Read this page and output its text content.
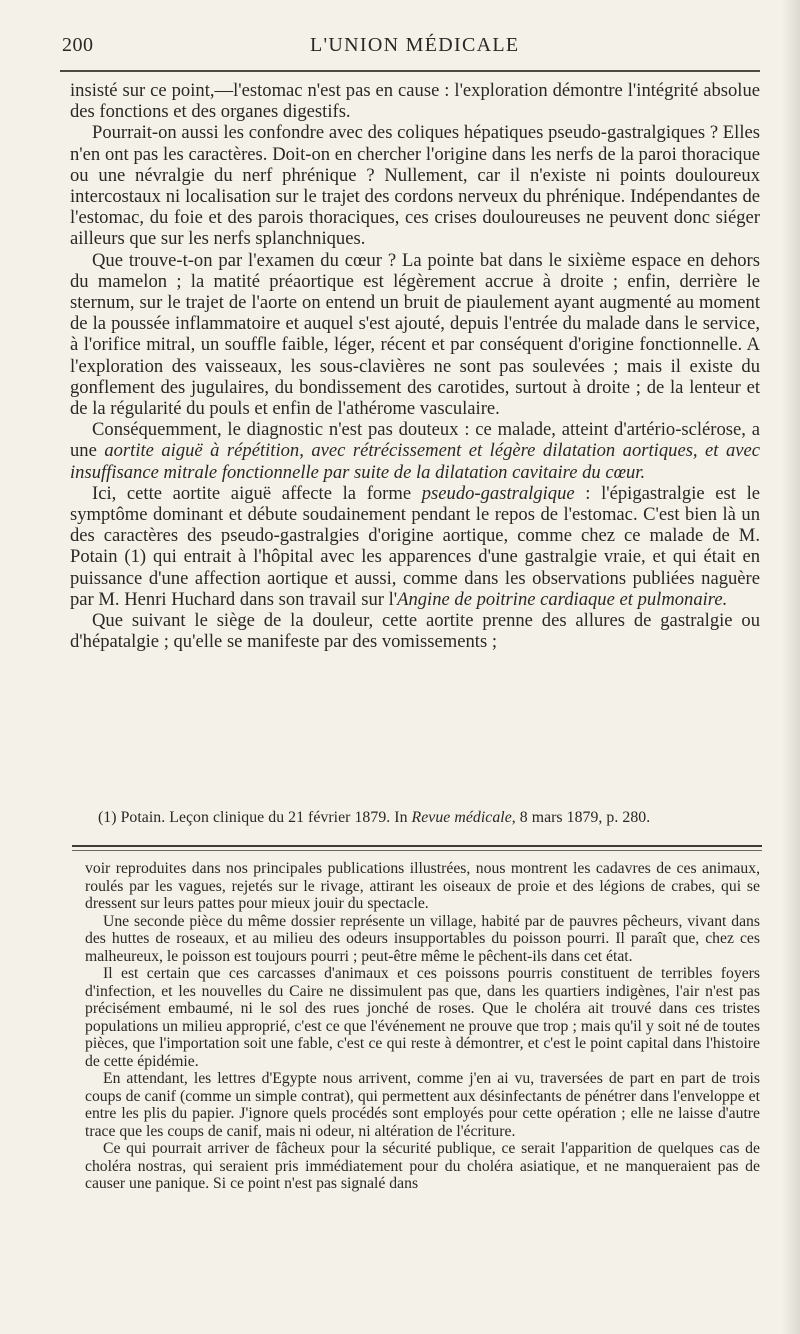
200	L'UNION MÉDICALE

insisté sur ce point,—l'estomac n'est pas en cause : l'exploration démontre l'intégrité absolue des fonctions et des organes digestifs.

Pourrait-on aussi les confondre avec des coliques hépatiques pseudo-gastralgiques ? Elles n'en ont pas les caractères. Doit-on en chercher l'origine dans les nerfs de la paroi thoracique ou une névralgie du nerf phrénique ? Nullement, car il n'existe ni points douloureux intercostaux ni localisation sur le trajet des cordons nerveux du phrénique. Indépendantes de l'estomac, du foie et des parois thoraciques, ces crises douloureuses ne peuvent donc siéger ailleurs que sur les nerfs splanchniques.

Que trouve-t-on par l'examen du cœur ? La pointe bat dans le sixième espace en dehors du mamelon ; la matité préaortique est légèrement accrue à droite ; enfin, derrière le sternum, sur le trajet de l'aorte on entend un bruit de piaulement ayant augmenté au moment de la poussée inflammatoire et auquel s'est ajouté, depuis l'entrée du malade dans le service, à l'orifice mitral, un souffle faible, léger, récent et par conséquent d'origine fonctionnelle. A l'exploration des vaisseaux, les sous-clavières ne sont pas soulevées ; mais il existe du gonflement des jugulaires, du bondissement des carotides, surtout à droite ; de la lenteur et de la régularité du pouls et enfin de l'athérome vasculaire.

Conséquemment, le diagnostic n'est pas douteux : ce malade, atteint d'artério-sclérose, a une aortite aiguë à répétition, avec rétrécissement et légère dilatation aortiques, et avec insuffisance mitrale fonctionnelle par suite de la dilatation cavitaire du cœur.

Ici, cette aortite aiguë affecte la forme pseudo-gastralgique : l'épigastralgie est le symptôme dominant et débute soudainement pendant le repos de l'estomac. C'est bien là un des caractères des pseudo-gastralgies d'origine aortique, comme chez ce malade de M. Potain (1) qui entrait à l'hôpital avec les apparences d'une gastralgie vraie, et qui était en puissance d'une affection aortique et aussi, comme dans les observations publiées naguère par M. Henri Huchard dans son travail sur l'Angine de poitrine cardiaque et pulmonaire.

Que suivant le siège de la douleur, cette aortite prenne des allures de gastralgie ou d'hépatalgie ; qu'elle se manifeste par des vomissements ;

(1) Potain. Leçon clinique du 21 février 1879. In Revue médicale, 8 mars 1879, p. 280.

voir reproduites dans nos principales publications illustrées, nous montrent les cadavres de ces animaux, roulés par les vagues, rejetés sur le rivage, attirant les oiseaux de proie et des légions de crabes, qui se dressent sur leurs pattes pour mieux jouir du spectacle.

Une seconde pièce du même dossier représente un village, habité par de pauvres pêcheurs, vivant dans des huttes de roseaux, et au milieu des odeurs insupportables du poisson pourri. Il paraît que, chez ces malheureux, le poisson est toujours pourri ; peut-être même le pêchent-ils dans cet état.

Il est certain que ces carcasses d'animaux et ces poissons pourris constituent de terribles foyers d'infection, et les nouvelles du Caire ne dissimulent pas que, dans les quartiers indigènes, l'air n'est pas précisément embaumé, ni le sol des rues jonché de roses. Que le choléra ait trouvé dans ces tristes populations un milieu approprié, c'est ce que l'événement ne prouve que trop ; mais qu'il y soit né de toutes pièces, que l'importation soit une fable, c'est ce qui reste à démontrer, et c'est le point capital dans l'histoire de cette épidémie.

En attendant, les lettres d'Egypte nous arrivent, comme j'en ai vu, traversées de part en part de trois coups de canif (comme un simple contrat), qui permettent aux désinfectants de pénétrer dans l'enveloppe et entre les plis du papier. J'ignore quels procédés sont employés pour cette opération ; elle ne laisse d'autre trace que les coups de canif, mais ni odeur, ni altération de l'écriture.

Ce qui pourrait arriver de fâcheux pour la sécurité publique, ce serait l'apparition de quelques cas de choléra nostras, qui seraient pris immédiatement pour du choléra asiatique, et ne manqueraient pas de causer une panique. Si ce point n'est pas signalé dans
